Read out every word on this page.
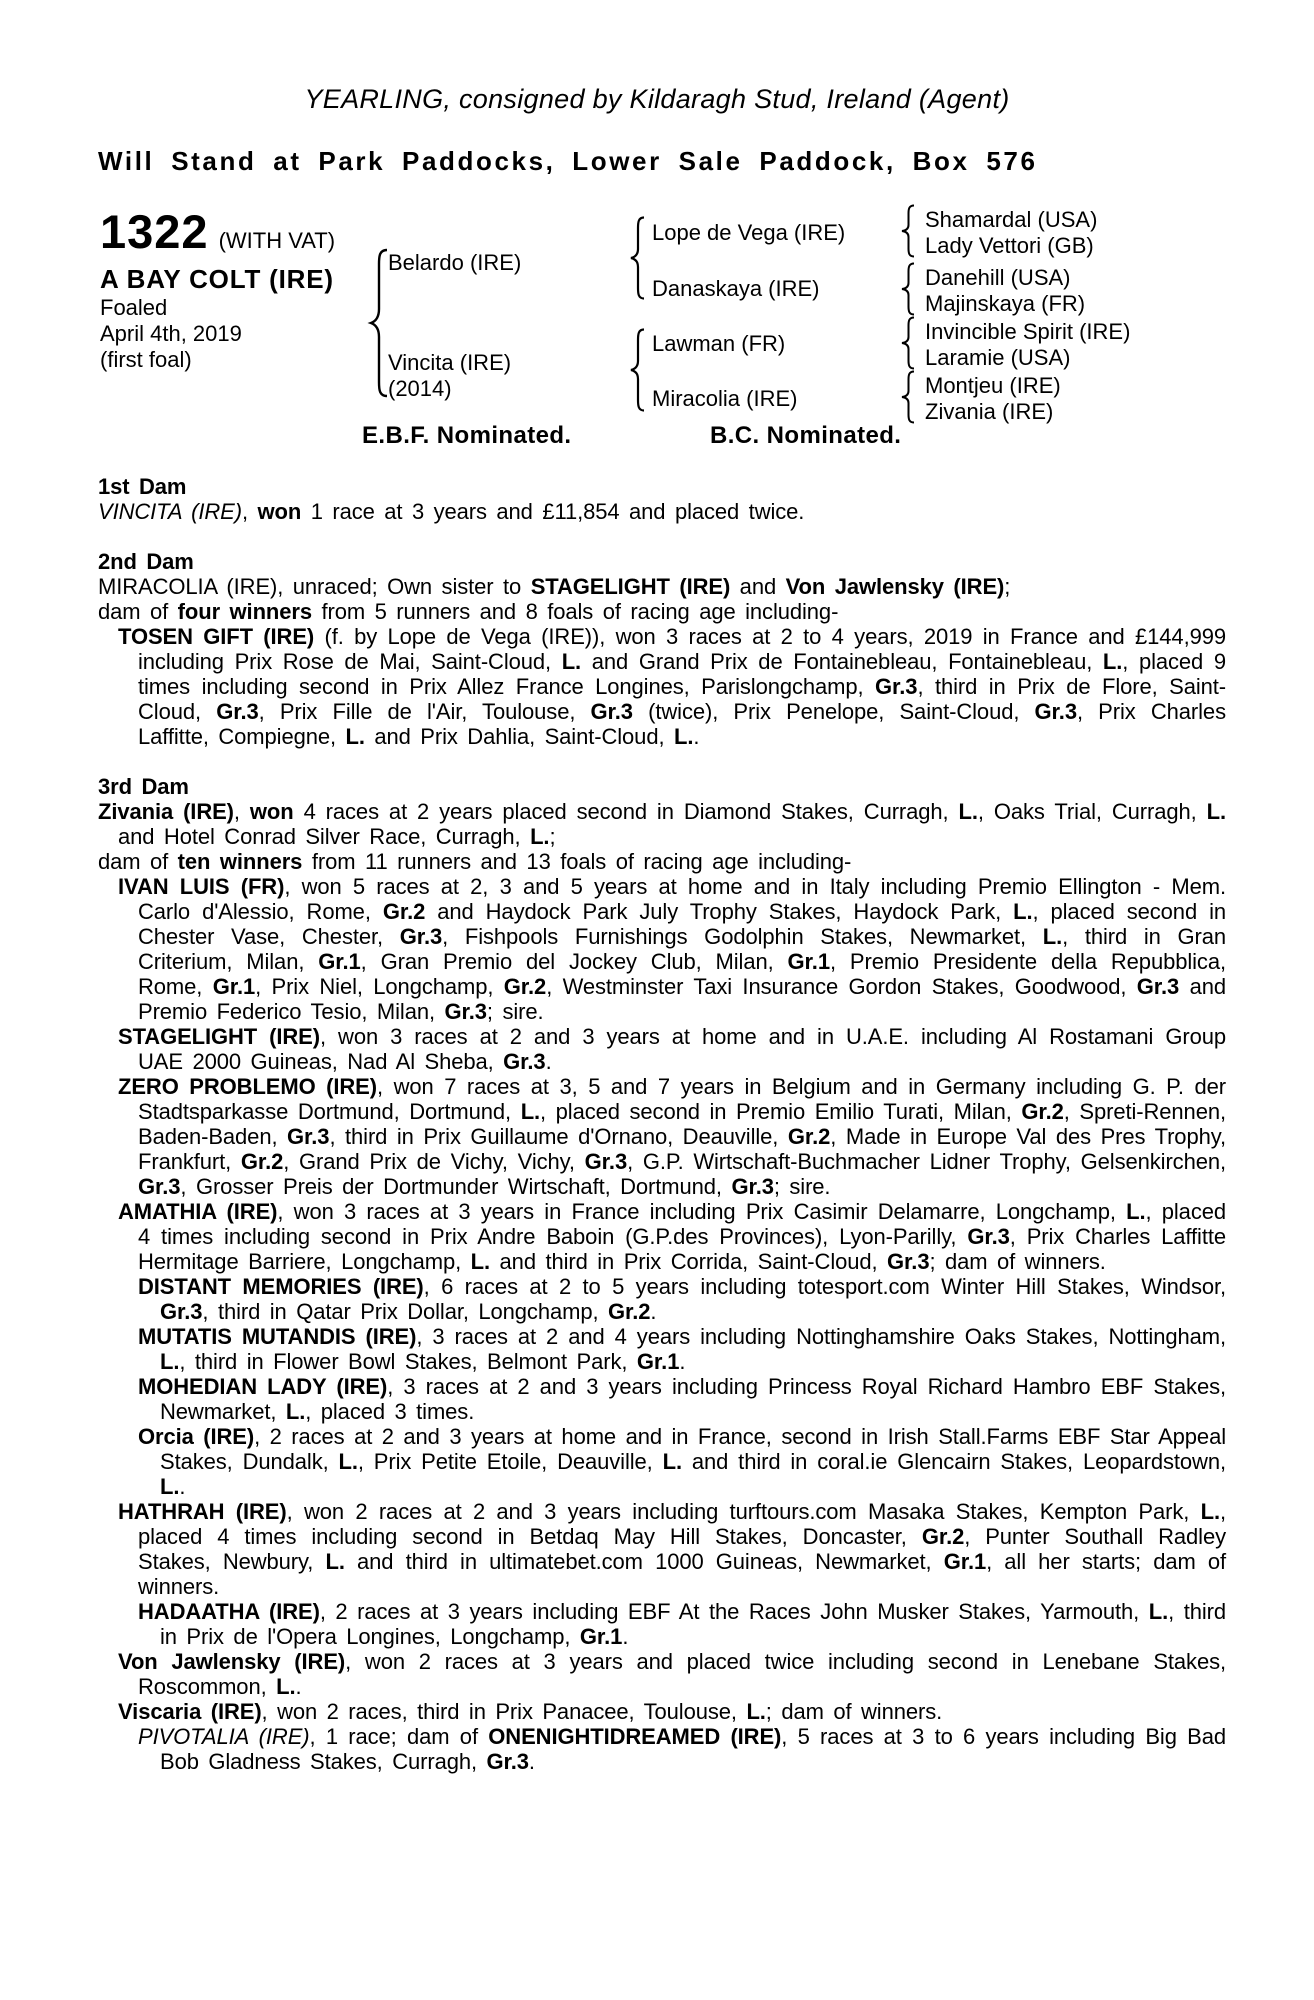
YEARLING, consigned by Kildaragh Stud, Ireland (Agent)
Will Stand at Park Paddocks, Lower Sale Paddock, Box 576
1322 (WITH VAT)
A BAY COLT (IRE)
Foaled
April 4th, 2019
(first foal)
Belardo (IRE)
Vincita (IRE)
(2014)
Lope de Vega (IRE)
Danaskaya (IRE)
Lawman (FR)
Miracolia (IRE)
Shamardal (USA)
Lady Vettori (GB)
Danehill (USA)
Majinskaya (FR)
Invincible Spirit (IRE)
Laramie (USA)
Montjeu (IRE)
Zivania (IRE)
E.B.F. Nominated.	B.C. Nominated.
1st Dam

VINCITA (IRE), won 1 race at 3 years and £11,854 and placed twice.

2nd Dam

MIRACOLIA (IRE), unraced; Own sister to STAGELIGHT (IRE) and Von Jawlensky (IRE);

dam of four winners from 5 runners and 8 foals of racing age including-

TOSEN GIFT (IRE) (f. by Lope de Vega (IRE)), won 3 races at 2 to 4 years, 2019 in France and £144,999 including Prix Rose de Mai, Saint-Cloud, L. and Grand Prix de Fontainebleau, Fontainebleau, L., placed 9 times including second in Prix Allez France Longines, Parislongchamp, Gr.3, third in Prix de Flore, Saint-Cloud, Gr.3, Prix Fille de l'Air, Toulouse, Gr.3 (twice), Prix Penelope, Saint-Cloud, Gr.3, Prix Charles Laffitte, Compiegne, L. and Prix Dahlia, Saint-Cloud, L..

3rd Dam

Zivania (IRE), won 4 races at 2 years placed second in Diamond Stakes, Curragh, L., Oaks Trial, Curragh, L. and Hotel Conrad Silver Race, Curragh, L.;

dam of ten winners from 11 runners and 13 foals of racing age including-

IVAN LUIS (FR), won 5 races at 2, 3 and 5 years at home and in Italy including Premio Ellington - Mem. Carlo d'Alessio, Rome, Gr.2 and Haydock Park July Trophy Stakes, Haydock Park, L., placed second in Chester Vase, Chester, Gr.3, Fishpools Furnishings Godolphin Stakes, Newmarket, L., third in Gran Criterium, Milan, Gr.1, Gran Premio del Jockey Club, Milan, Gr.1, Premio Presidente della Repubblica, Rome, Gr.1, Prix Niel, Longchamp, Gr.2, Westminster Taxi Insurance Gordon Stakes, Goodwood, Gr.3 and Premio Federico Tesio, Milan, Gr.3; sire.

STAGELIGHT (IRE), won 3 races at 2 and 3 years at home and in U.A.E. including Al Rostamani Group UAE 2000 Guineas, Nad Al Sheba, Gr.3.

ZERO PROBLEMO (IRE), won 7 races at 3, 5 and 7 years in Belgium and in Germany including G. P. der Stadtsparkasse Dortmund, Dortmund, L., placed second in Premio Emilio Turati, Milan, Gr.2, Spreti-Rennen, Baden-Baden, Gr.3, third in Prix Guillaume d'Ornano, Deauville, Gr.2, Made in Europe Val des Pres Trophy, Frankfurt, Gr.2, Grand Prix de Vichy, Vichy, Gr.3, G.P. Wirtschaft-Buchmacher Lidner Trophy, Gelsenkirchen, Gr.3, Grosser Preis der Dortmunder Wirtschaft, Dortmund, Gr.3; sire.

AMATHIA (IRE), won 3 races at 3 years in France including Prix Casimir Delamarre, Longchamp, L., placed 4 times including second in Prix Andre Baboin (G.P.des Provinces), Lyon-Parilly, Gr.3, Prix Charles Laffitte Hermitage Barriere, Longchamp, L. and third in Prix Corrida, Saint-Cloud, Gr.3; dam of winners.

DISTANT MEMORIES (IRE), 6 races at 2 to 5 years including totesport.com Winter Hill Stakes, Windsor, Gr.3, third in Qatar Prix Dollar, Longchamp, Gr.2.

MUTATIS MUTANDIS (IRE), 3 races at 2 and 4 years including Nottinghamshire Oaks Stakes, Nottingham, L., third in Flower Bowl Stakes, Belmont Park, Gr.1.

MOHEDIAN LADY (IRE), 3 races at 2 and 3 years including Princess Royal Richard Hambro EBF Stakes, Newmarket, L., placed 3 times.

Orcia (IRE), 2 races at 2 and 3 years at home and in France, second in Irish Stall.Farms EBF Star Appeal Stakes, Dundalk, L., Prix Petite Etoile, Deauville, L. and third in coral.ie Glencairn Stakes, Leopardstown, L..

HATHRAH (IRE), won 2 races at 2 and 3 years including turftours.com Masaka Stakes, Kempton Park, L., placed 4 times including second in Betdaq May Hill Stakes, Doncaster, Gr.2, Punter Southall Radley Stakes, Newbury, L. and third in ultimatebet.com 1000 Guineas, Newmarket, Gr.1, all her starts; dam of winners.

HADAATHA (IRE), 2 races at 3 years including EBF At the Races John Musker Stakes, Yarmouth, L., third in Prix de l'Opera Longines, Longchamp, Gr.1.

Von Jawlensky (IRE), won 2 races at 3 years and placed twice including second in Lenebane Stakes, Roscommon, L..

Viscaria (IRE), won 2 races, third in Prix Panacee, Toulouse, L.; dam of winners.

PIVOTALIA (IRE), 1 race; dam of ONENIGHTIDREAMED (IRE), 5 races at 3 to 6 years including Big Bad Bob Gladness Stakes, Curragh, Gr.3.
